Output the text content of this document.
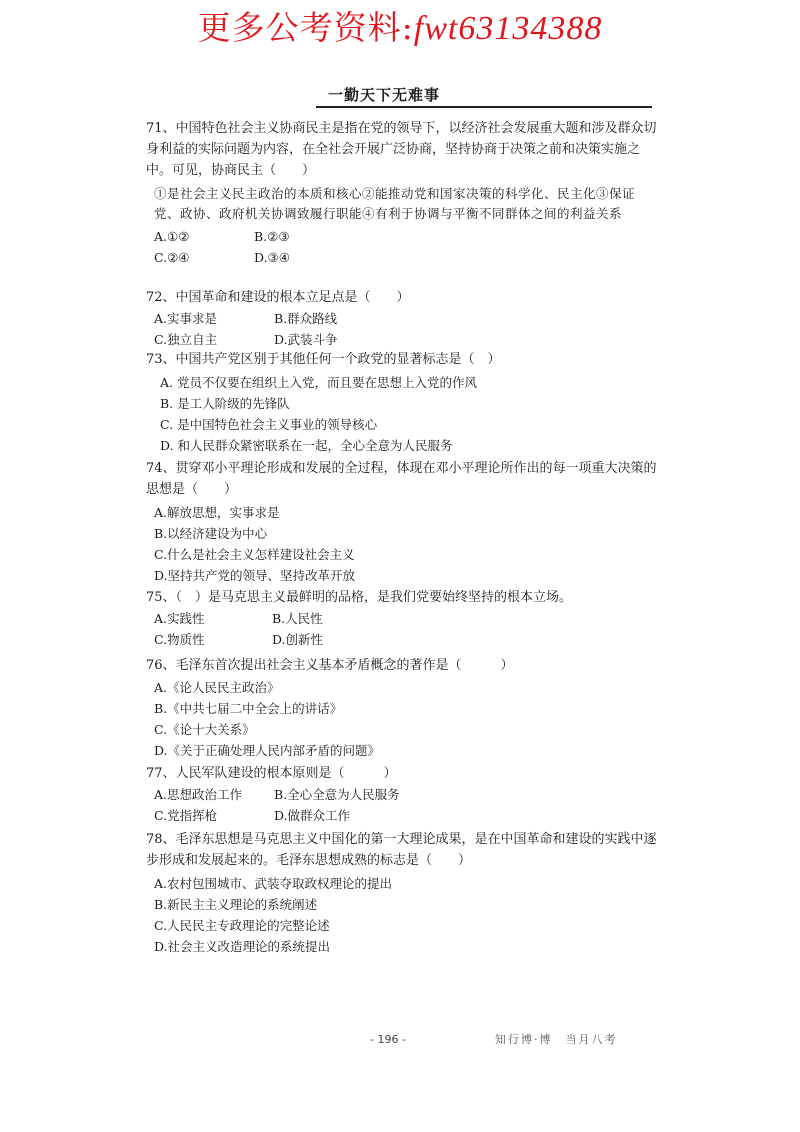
更多公考资料:fwt63134388
一勤天下无难事
71、中国特色社会主义协商民主是指在党的领导下，以经济社会发展重大题和涉及群众切身利益的实际问题为内容，在全社会开展广泛协商，坚持协商于决策之前和决策实施之中。可见，协商民主（　　）
①是社会主义民主政治的本质和核心②能推动党和国家决策的科学化、民主化③保证党、政协、政府机关协调致履行职能④有利于协调与平衡不同群体之间的利益关系
A.①②	B.②③
C.②④	D.③④
72、中国革命和建设的根本立足点是（　　）
A.实事求是	B.群众路线
C.独立自主	D.武装斗争
73、中国共产党区别于其他任何一个政党的显著标志是（　）
A. 党员不仅要在组织上入党，而且要在思想上入党的作风
B. 是工人阶级的先锋队
C. 是中国特色社会主义事业的领导核心
D. 和人民群众紧密联系在一起，全心全意为人民服务
74、贯穿邓小平理论形成和发展的全过程，体现在邓小平理论所作出的每一项重大决策的思想是（　　）
A.解放思想，实事求是
B.以经济建设为中心
C.什么是社会主义怎样建设社会主义
D.坚持共产党的领导、坚持改革开放
75、（　）是马克思主义最鲜明的品格，是我们党要始终坚持的根本立场。
A.实践性	B.人民性
C.物质性	D.创新性
76、毛泽东首次提出社会主义基本矛盾概念的著作是（　　　）
A.《论人民民主政治》
B.《中共七届二中全会上的讲话》
C.《论十大关系》
D.《关于正确处理人民内部矛盾的问题》
77、人民军队建设的根本原则是（　　　）
A.思想政治工作	B.全心全意为人民服务
C.党指挥枪	D.做群众工作
78、毛泽东思想是马克思主义中国化的第一大理论成果，是在中国革命和建设的实践中逐步形成和发展起来的。毛泽东思想成熟的标志是（　　）
A.农村包围城市、武装夺取政权理论的提出
B.新民主主义理论的系统阐述
C.人民民主专政理论的完整论述
D.社会主义改造理论的系统提出
- 196 -	知行博·博　当月八考
